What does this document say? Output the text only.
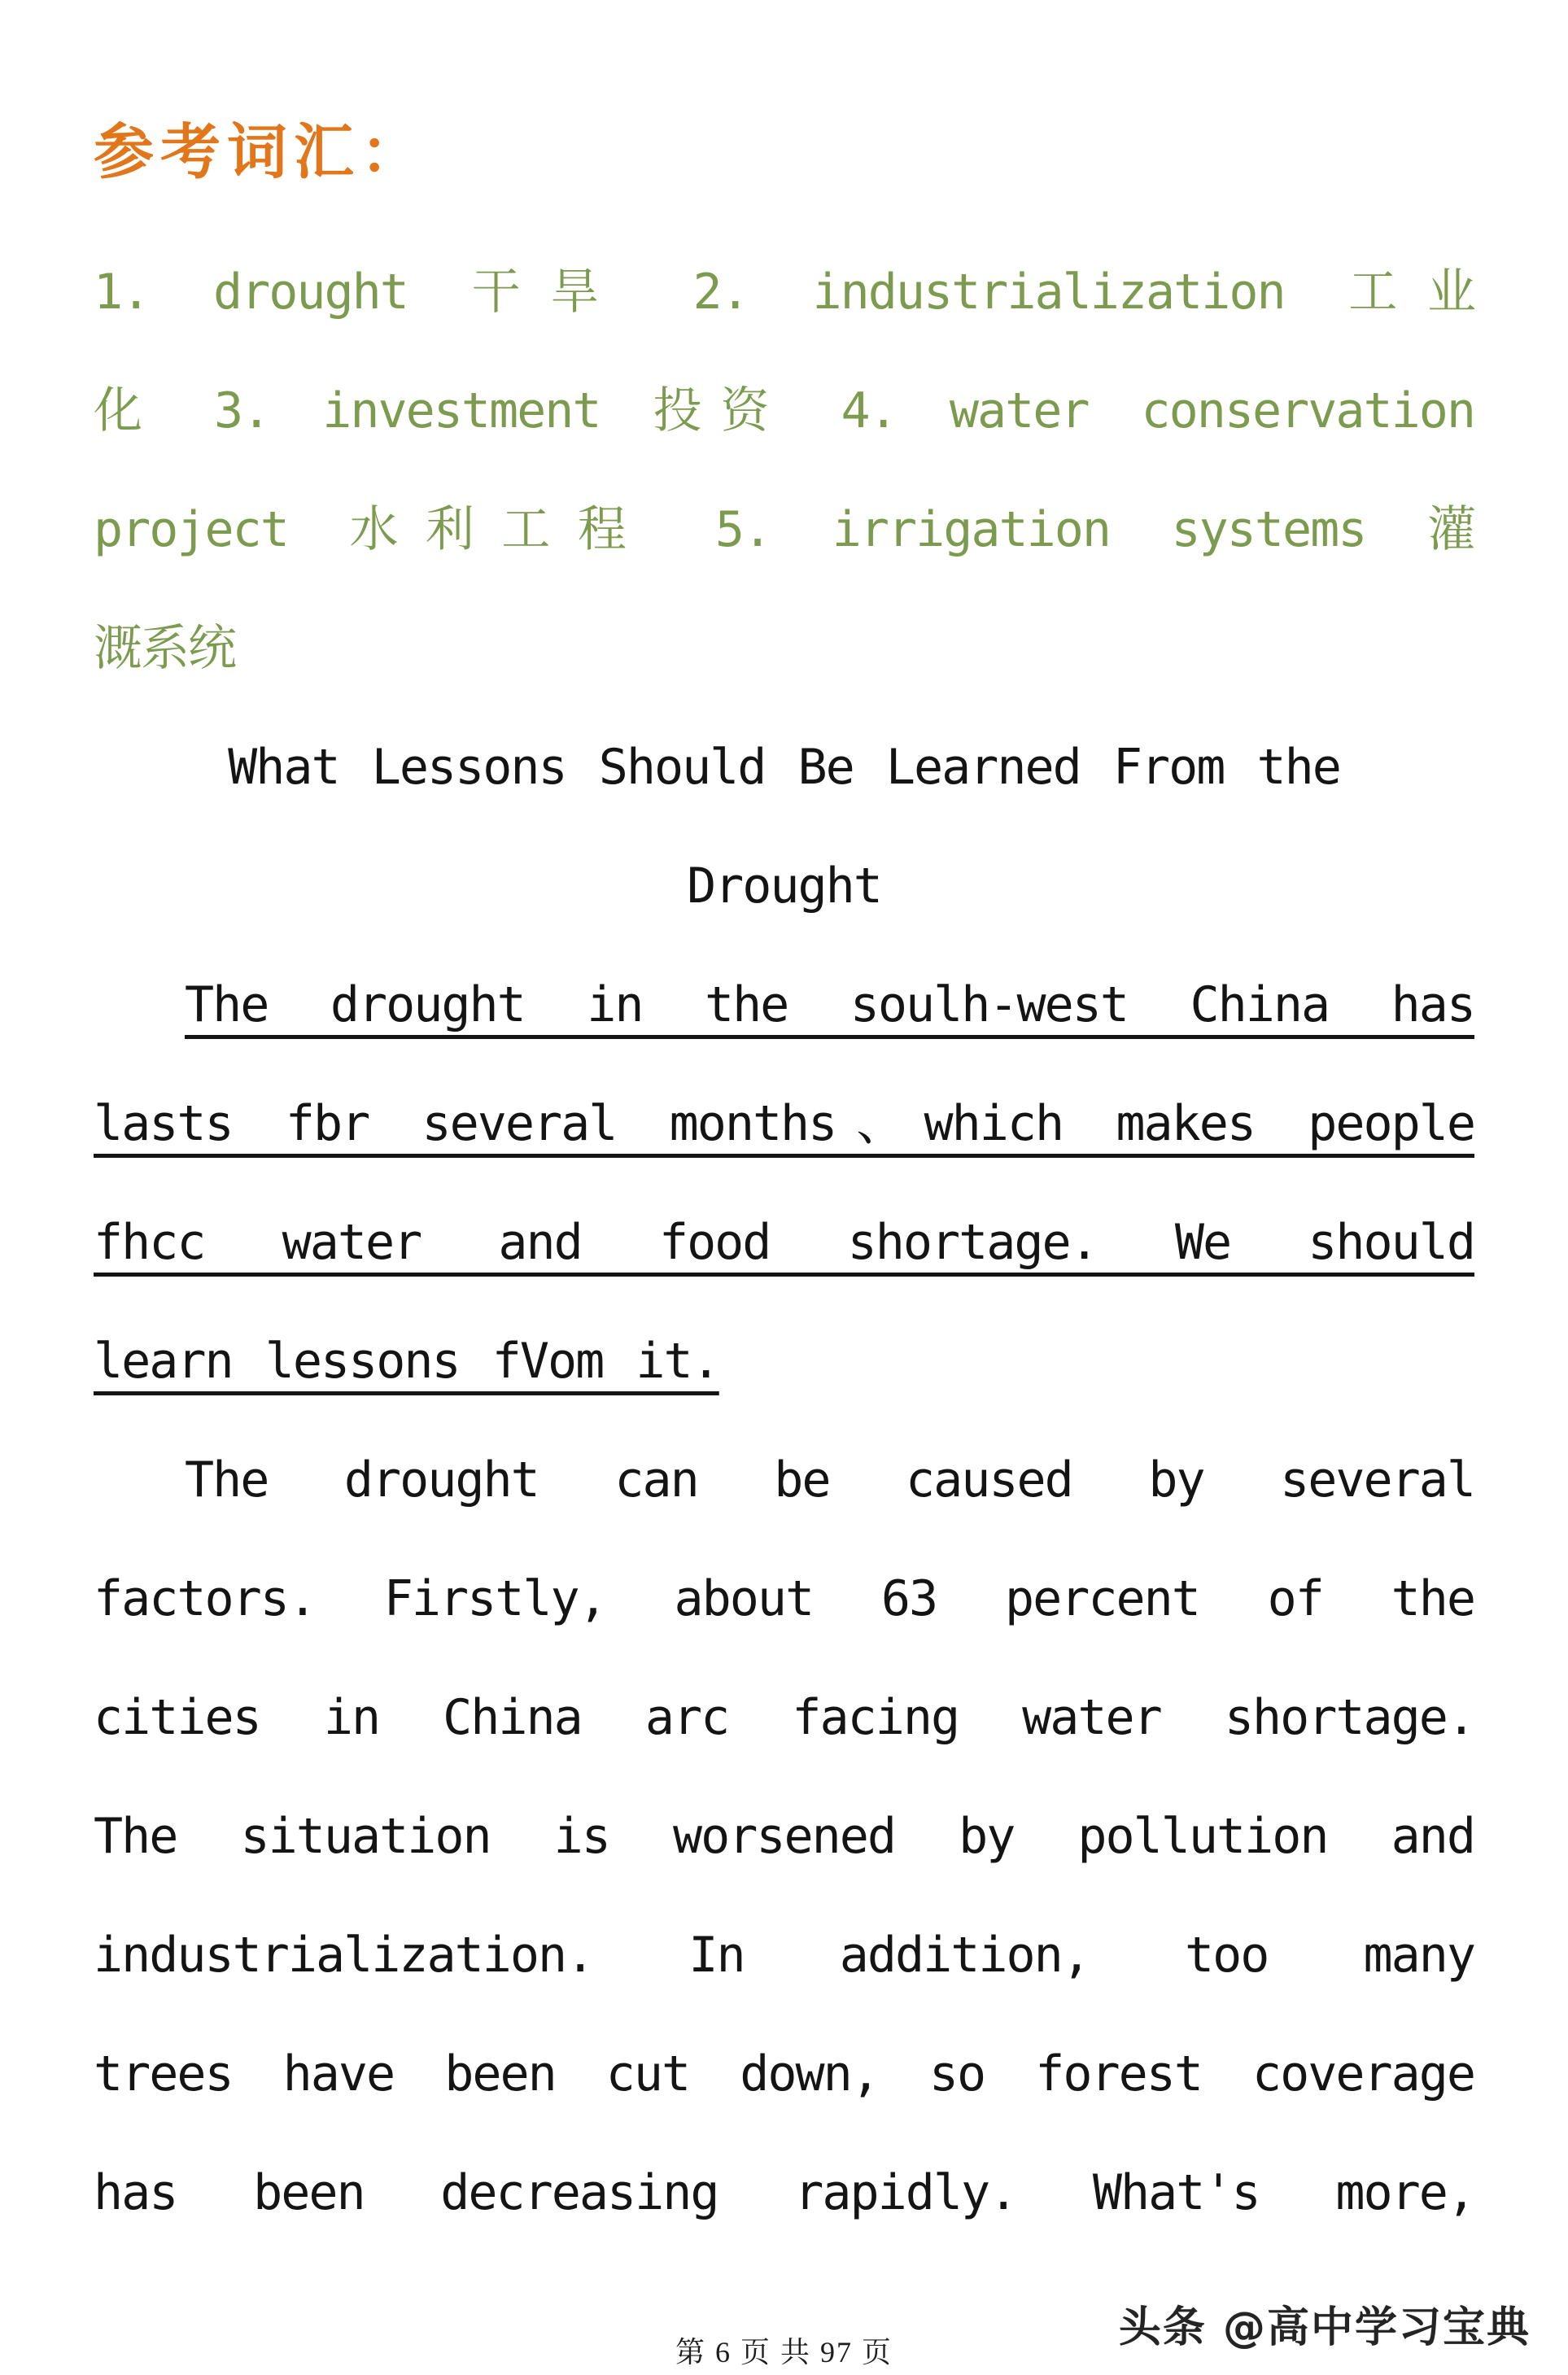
参考词汇：
1. drought 干旱 2. industrialization 工业
化 3. investment 投资 4. water conservation
project 水利工程 5. irrigation systems 灌
溉系统
What Lessons Should Be Learned From the
Drought
The drought in the soulh-west China has
lasts fbr several months、which makes people
fhcc water and food shortage. We should
learn lessons fVom it.
The drought can be caused by several
factors. Firstly, about 63 percent of the
cities in China arc facing water shortage.
The situation is worsened by pollution and
industrialization. In addition, too many
trees have been cut down, so forest coverage
has been decreasing rapidly. What's more,
头条 @高中学习宝典
第 6 页 共 97 页
